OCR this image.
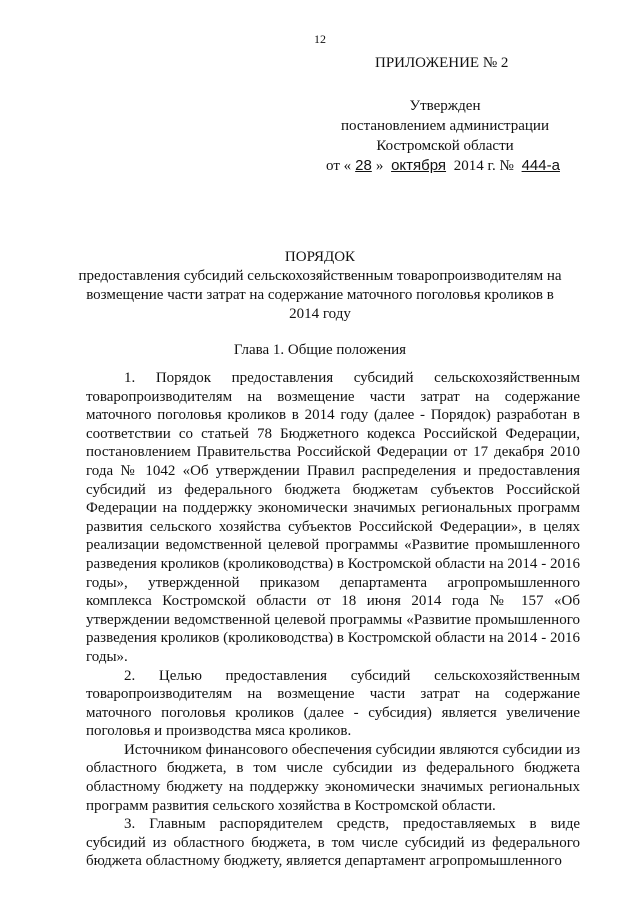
12
ПРИЛОЖЕНИЕ № 2
Утвержден
постановлением администрации
Костромской области
от « 28 » октября 2014 г. № 444-а
ПОРЯДОК
предоставления субсидий сельскохозяйственным товаропроизводителям на возмещение части затрат на содержание маточного поголовья кроликов в 2014 году
Глава 1. Общие положения

1. Порядок предоставления субсидий сельскохозяйственным товаропроизводителям на возмещение части затрат на содержание маточного поголовья кроликов в 2014 году (далее - Порядок) разработан в соответствии со статьей 78 Бюджетного кодекса Российской Федерации, постановлением Правительства Российской Федерации от 17 декабря 2010 года № 1042 «Об утверждении Правил распределения и предоставления субсидий из федерального бюджета бюджетам субъектов Российской Федерации на поддержку экономически значимых региональных программ развития сельского хозяйства субъектов Российской Федерации», в целях реализации ведомственной целевой программы «Развитие промышленного разведения кроликов (кролиководства) в Костромской области на 2014 - 2016 годы», утвержденной приказом департамента агропромышленного комплекса Костромской области от 18 июня 2014 года № 157 «Об утверждении ведомственной целевой программы «Развитие промышленного разведения кроликов (кролиководства) в Костромской области на 2014 - 2016 годы».

2. Целью предоставления субсидий сельскохозяйственным товаропроизводителям на возмещение части затрат на содержание маточного поголовья кроликов (далее - субсидия) является увеличение поголовья и производства мяса кроликов.

Источником финансового обеспечения субсидии являются субсидии из областного бюджета, в том числе субсидии из федерального бюджета областному бюджету на поддержку экономически значимых региональных программ развития сельского хозяйства в Костромской области.

3. Главным распорядителем средств, предоставляемых в виде субсидий из областного бюджета, в том числе субсидий из федерального бюджета областному бюджету, является департамент агропромышленного
